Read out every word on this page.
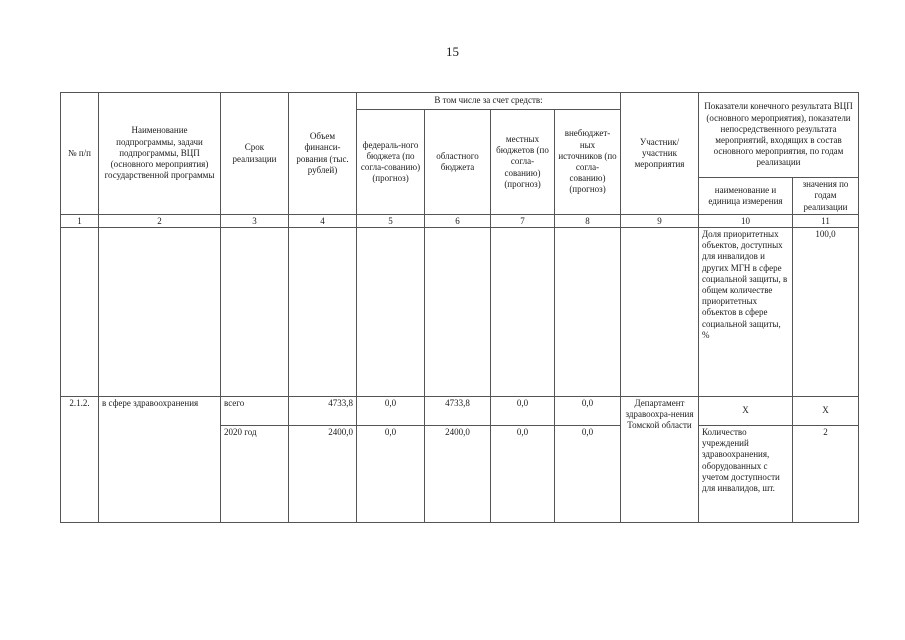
15
№ п/п	Наименование подпрограммы, задачи подпрограммы, ВЦП (основного мероприятия) государственной программы	Срок реализации	Объем финанси-рования (тыс. рублей)	В том числе за счет средств:				Участник/ участник мероприятия	Показатели конечного результата ВЦП (основного мероприятия), показатели непосредственного результата мероприятий, входящих в состав основного мероприятия, по годам реализации	
				федераль-ного бюджета (по согла-сованию) (прогноз)	областного бюджета	местных бюджетов (по согла-сованию) (прогноз)	внебюджет-ных источников (по согла-сованию) (прогноз)			
									наименование и единица измерения	значения по годам реализации
1	2	3	4	5	6	7	8	9	10	11
									Доля приоритетных объектов, доступных для инвалидов и других МГН в сфере социальной защиты, в общем количестве приоритетных объектов в сфере социальной защиты, %	100,0
2.1.2.	в сфере здравоохранения	всего	4733,8	0,0	4733,8	0,0	0,0	Департамент здравоохра-нения Томской области	X	X
		2020 год	2400,0	0,0	2400,0	0,0	0,0		Количество учреждений здравоохранения, оборудованных с учетом доступности для инвалидов, шт.	2
